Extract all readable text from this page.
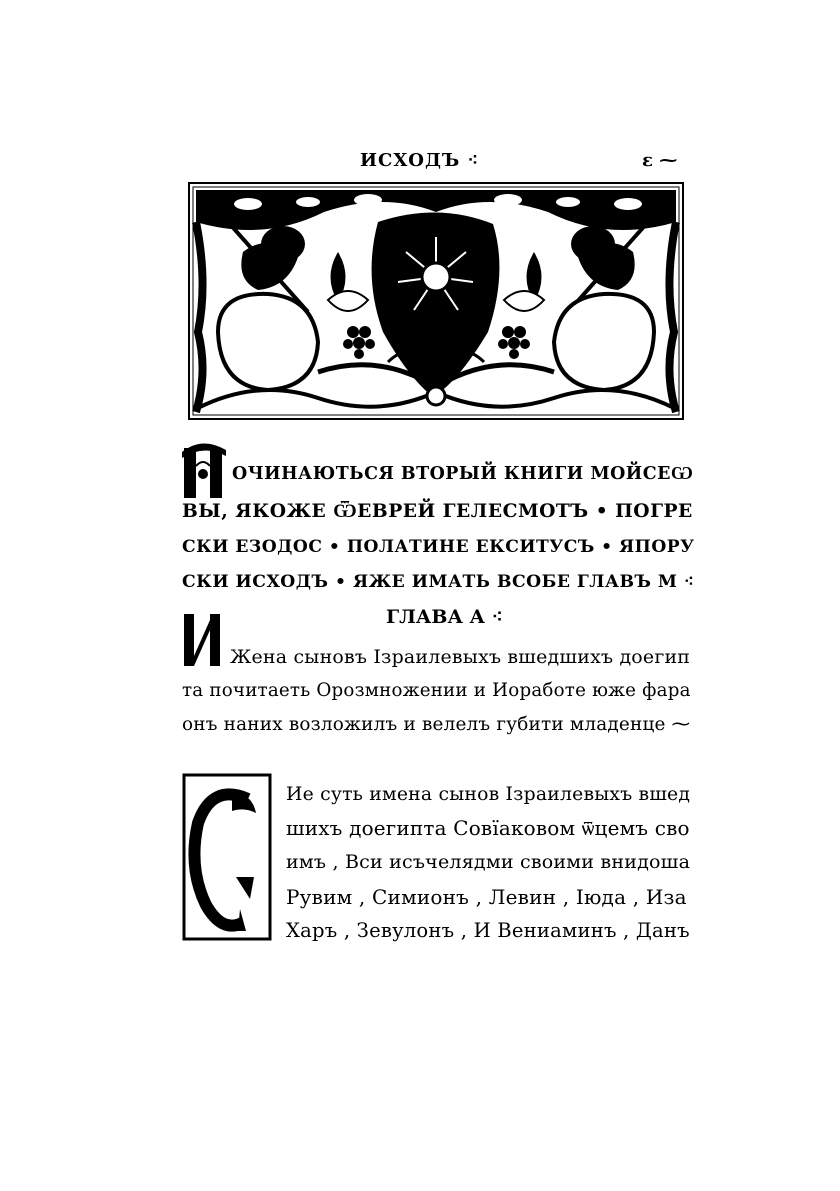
ИСХОДЪ ⁖	ε ⁓
ОЧИНАЮТЬСЯ ВТОРЫЙ КНИГИ МОЙСЕѠ
ВЫ, ЯКОЖЕ ѾЕВРЕЙ ГЕЛЕСМОТЪ • ПОГРЕ
СКИ ЕЗОДОС • ПОЛАТИНЕ ЕКСИТУСЪ • ЯПОРУ
СКИ ИСХОДЪ • ЯЖЕ ИМАТЬ ВСОБЕ ГЛАВЪ М ⁖
ГЛАВА А ⁖
Жена сыновъ Ізраилевыхъ вшедшихъ доегип
та почитаеть Орозмножении и Иоработе юже фара
онъ наних возложилъ и велелъ губити младенце ⁓
Ие суть имена сынов Ізраилевыхъ вшед
шихъ доегипта Совїаковом ѿцемъ сво
имъ , Вси исъчелядми своими внидоша
Рувим , Симионъ , Левин , Іюда , Иза
Харъ , Зевулонъ , И Вениаминъ , Данъ
